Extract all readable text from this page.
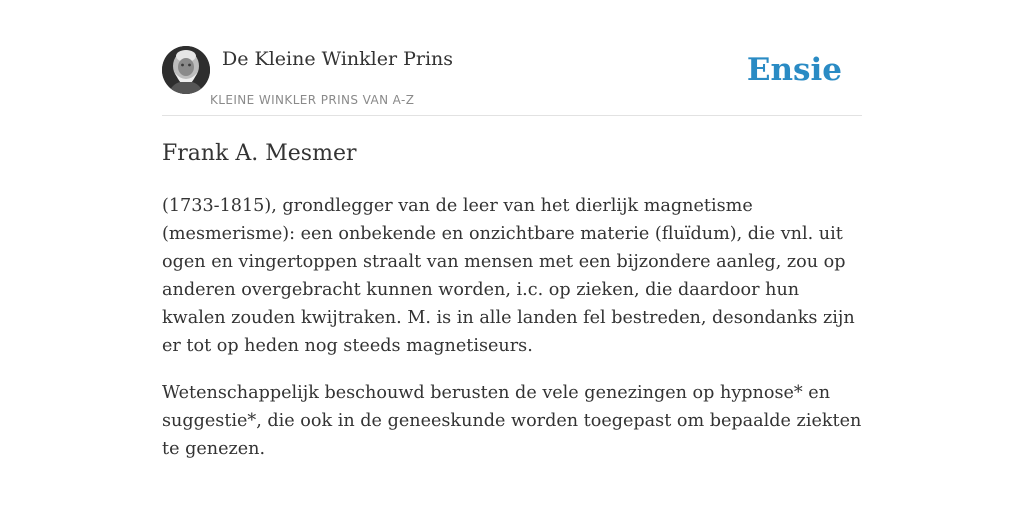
De Kleine Winkler Prins
KLEINE WINKLER PRINS VAN A-Z
Ensie
Frank A. Mesmer

(1733-1815), grondlegger van de leer van het dierlijk magnetisme (mesmerisme): een onbekende en onzichtbare materie (fluïdum), die vnl. uit ogen en vingertoppen straalt van mensen met een bijzondere aanleg, zou op anderen overgebracht kunnen worden, i.c. op zieken, die daardoor hun kwalen zouden kwijtraken. M. is in alle landen fel bestreden, desondanks zijn er tot op heden nog steeds magnetiseurs.

Wetenschappelijk beschouwd berusten de vele genezingen op hypnose* en suggestie*, die ook in de geneeskunde worden toegepast om bepaalde ziekten te genezen.
